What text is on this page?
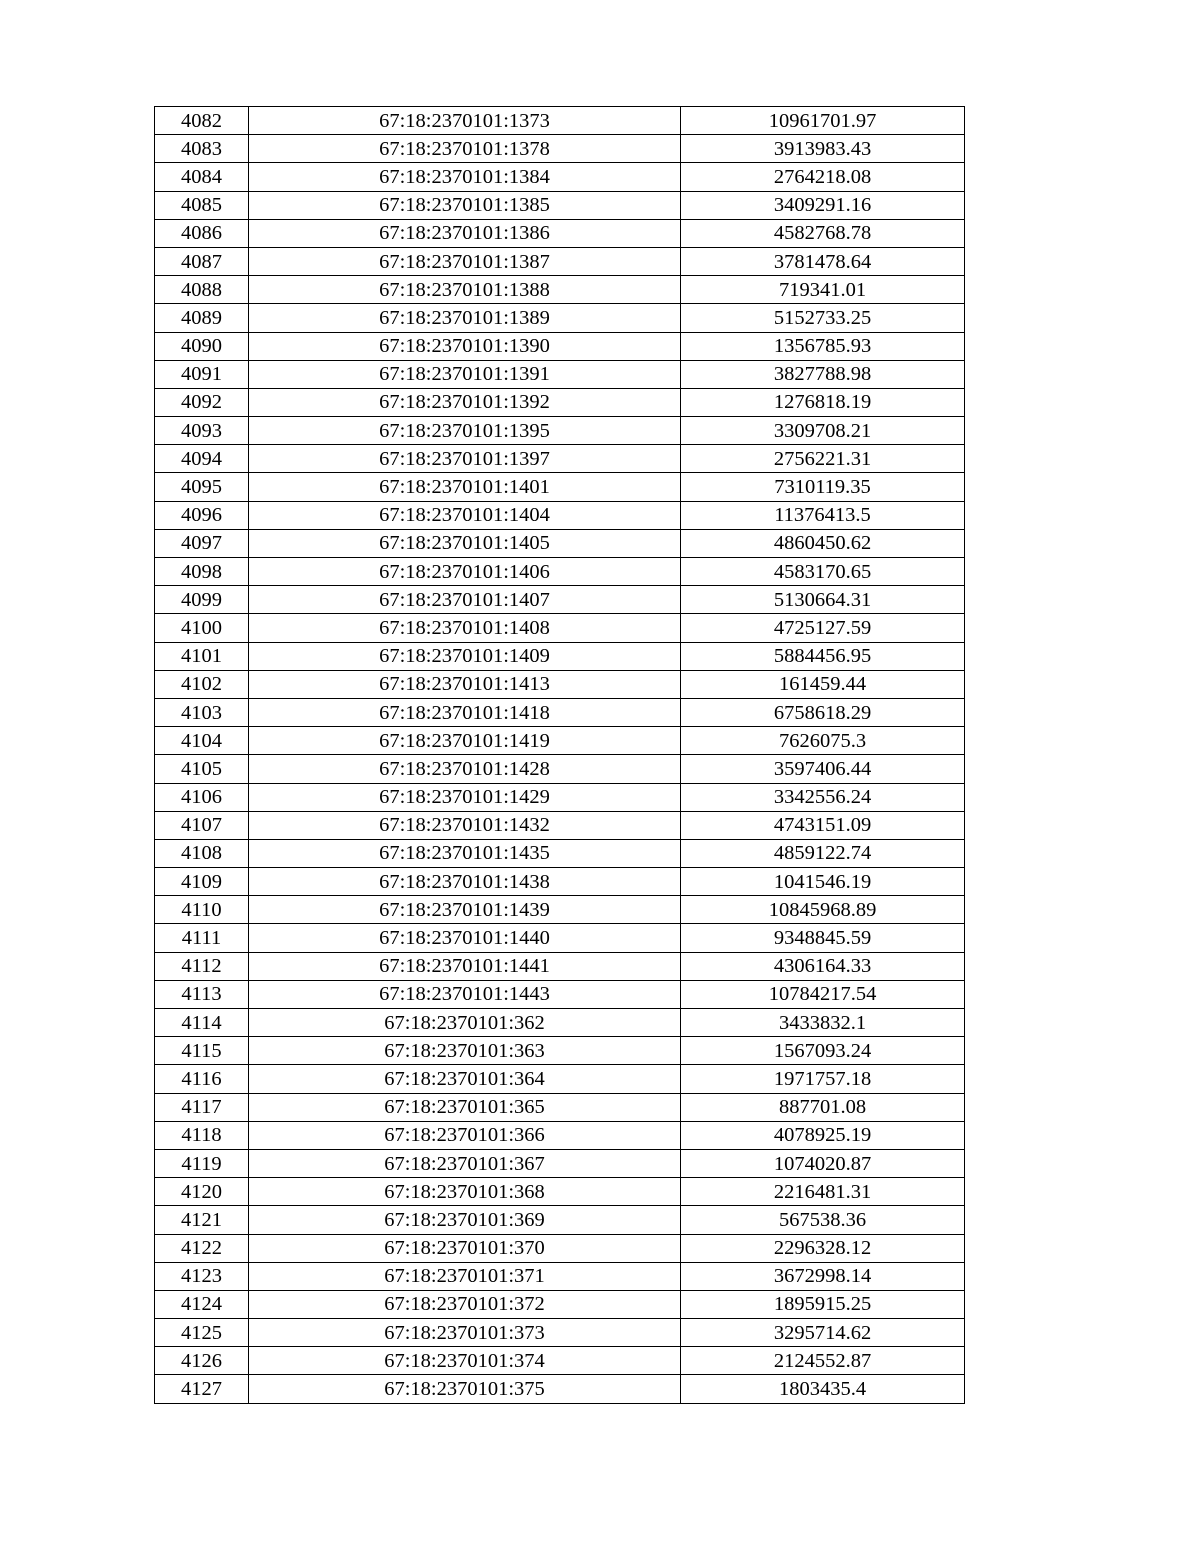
4082	67:18:2370101:1373	10961701.97
4083	67:18:2370101:1378	3913983.43
4084	67:18:2370101:1384	2764218.08
4085	67:18:2370101:1385	3409291.16
4086	67:18:2370101:1386	4582768.78
4087	67:18:2370101:1387	3781478.64
4088	67:18:2370101:1388	719341.01
4089	67:18:2370101:1389	5152733.25
4090	67:18:2370101:1390	1356785.93
4091	67:18:2370101:1391	3827788.98
4092	67:18:2370101:1392	1276818.19
4093	67:18:2370101:1395	3309708.21
4094	67:18:2370101:1397	2756221.31
4095	67:18:2370101:1401	7310119.35
4096	67:18:2370101:1404	11376413.5
4097	67:18:2370101:1405	4860450.62
4098	67:18:2370101:1406	4583170.65
4099	67:18:2370101:1407	5130664.31
4100	67:18:2370101:1408	4725127.59
4101	67:18:2370101:1409	5884456.95
4102	67:18:2370101:1413	161459.44
4103	67:18:2370101:1418	6758618.29
4104	67:18:2370101:1419	7626075.3
4105	67:18:2370101:1428	3597406.44
4106	67:18:2370101:1429	3342556.24
4107	67:18:2370101:1432	4743151.09
4108	67:18:2370101:1435	4859122.74
4109	67:18:2370101:1438	1041546.19
4110	67:18:2370101:1439	10845968.89
4111	67:18:2370101:1440	9348845.59
4112	67:18:2370101:1441	4306164.33
4113	67:18:2370101:1443	10784217.54
4114	67:18:2370101:362	3433832.1
4115	67:18:2370101:363	1567093.24
4116	67:18:2370101:364	1971757.18
4117	67:18:2370101:365	887701.08
4118	67:18:2370101:366	4078925.19
4119	67:18:2370101:367	1074020.87
4120	67:18:2370101:368	2216481.31
4121	67:18:2370101:369	567538.36
4122	67:18:2370101:370	2296328.12
4123	67:18:2370101:371	3672998.14
4124	67:18:2370101:372	1895915.25
4125	67:18:2370101:373	3295714.62
4126	67:18:2370101:374	2124552.87
4127	67:18:2370101:375	1803435.4
